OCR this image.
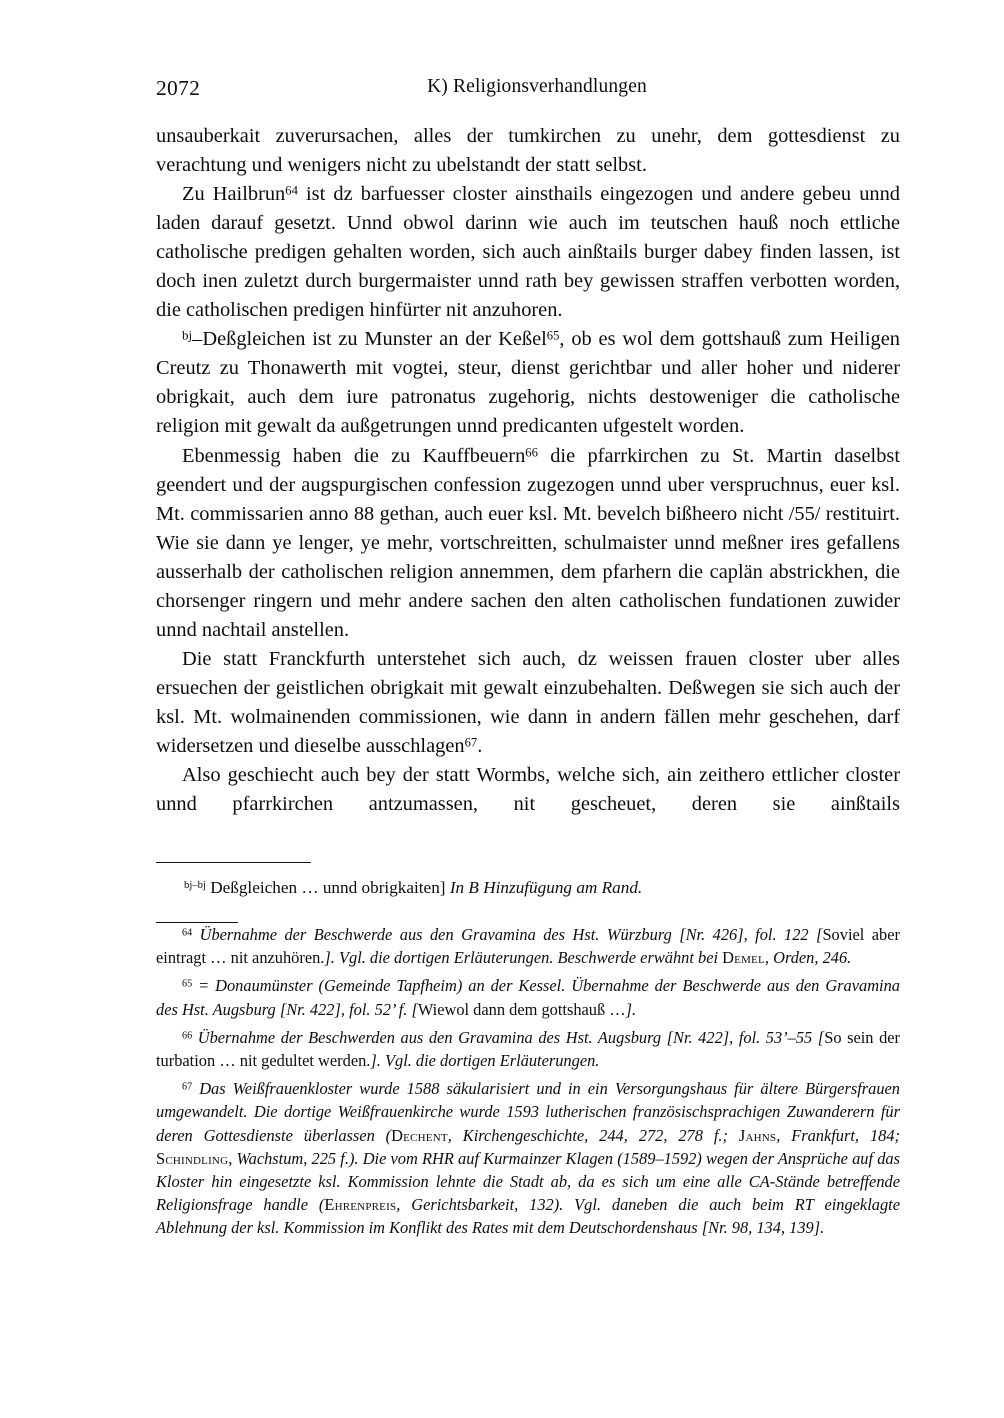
2072	K) Religionsverhandlungen

unsauberkait zuverursachen, alles der tumkirchen zu unehr, dem gottesdienst zu verachtung und wenigers nicht zu ubelstandt der statt selbst.

Zu Hailbrun$^{64}$ ist dz barfuesser closter ainsthails eingezogen und andere gebeu unnd laden darauf gesetzt. Unnd obwol darinn wie auch im teutschen hauß noch ettliche catholische predigen gehalten worden, sich auch ainßtails burger dabey finden lassen, ist doch inen zuletzt durch burgermaister unnd rath bey gewissen straffen verbotten worden, die catholischen predigen hinfürter nit anzuhoren.

$^{bj}$–Deßgleichen ist zu Munster an der Keßel$^{65}$, ob es wol dem gottshauß zum Heiligen Creutz zu Thonawerth mit vogtei, steur, dienst gerichtbar und aller hoher und niderer obrigkait, auch dem iure patronatus zugehorig, nichts destoweniger die catholische religion mit gewalt da außgetrungen unnd predicanten ufgestelt worden.

Ebenmessig haben die zu Kauffbeuern$^{66}$ die pfarrkirchen zu St. Martin daselbst geendert und der augspurgischen confession zugezogen unnd uber verspruchnus, euer ksl. Mt. commissarien anno 88 gethan, auch euer ksl. Mt. bevelch bißheero nicht /55/ restituirt. Wie sie dann ye lenger, ye mehr, vortschreitten, schulmaister unnd meßner ires gefallens ausserhalb der catholischen religion annemmen, dem pfarhern die caplän abstrickhen, die chorsenger ringern und mehr andere sachen den alten catholischen fundationen zuwider unnd nachtail anstellen.

Die statt Franckfurth unterstehet sich auch, dz weissen frauen closter uber alles ersuechen der geistlichen obrigkait mit gewalt einzubehalten. Deßwegen sie sich auch der ksl. Mt. wolmainenden commissionen, wie dann in andern fällen mehr geschehen, darf widersetzen und dieselbe ausschlagen$^{67}$.

Also geschiecht auch bey der statt Wormbs, welche sich, ain zeithero ettlicher closter unnd pfarrkirchen antzumassen, nit gescheuet, deren sie ainßtails

$^{bj-bj}$ Deßgleichen … unnd obrigkaiten] In B Hinzufügung am Rand.

$^{64}$ Übernahme der Beschwerde aus den Gravamina des Hst. Würzburg [Nr. 426], fol. 122 [Soviel aber eintragt … nit anzuhören.]. Vgl. die dortigen Erläuterungen. Beschwerde erwähnt bei Demel, Orden, 246.

$^{65}$ = Donaumünster (Gemeinde Tapfheim) an der Kessel. Übernahme der Beschwerde aus den Gravamina des Hst. Augsburg [Nr. 422], fol. 52’ f. [Wiewol dann dem gottshauß …].

$^{66}$ Übernahme der Beschwerden aus den Gravamina des Hst. Augsburg [Nr. 422], fol. 53’–55 [So sein der turbation … nit gedultet werden.]. Vgl. die dortigen Erläuterungen.

$^{67}$ Das Weißfrauenkloster wurde 1588 säkularisiert und in ein Versorgungshaus für ältere Bürgersfrauen umgewandelt. Die dortige Weißfrauenkirche wurde 1593 lutherischen französischsprachigen Zuwanderern für deren Gottesdienste überlassen (Dechent, Kirchengeschichte, 244, 272, 278 f.; Jahns, Frankfurt, 184; Schindling, Wachstum, 225 f.). Die vom RHR auf Kurmainzer Klagen (1589–1592) wegen der Ansprüche auf das Kloster hin eingesetzte ksl. Kommission lehnte die Stadt ab, da es sich um eine alle CA-Stände betreffende Religionsfrage handle (Ehrenpreis, Gerichtsbarkeit, 132). Vgl. daneben die auch beim RT eingeklagte Ablehnung der ksl. Kommission im Konflikt des Rates mit dem Deutschordenshaus [Nr. 98, 134, 139].
